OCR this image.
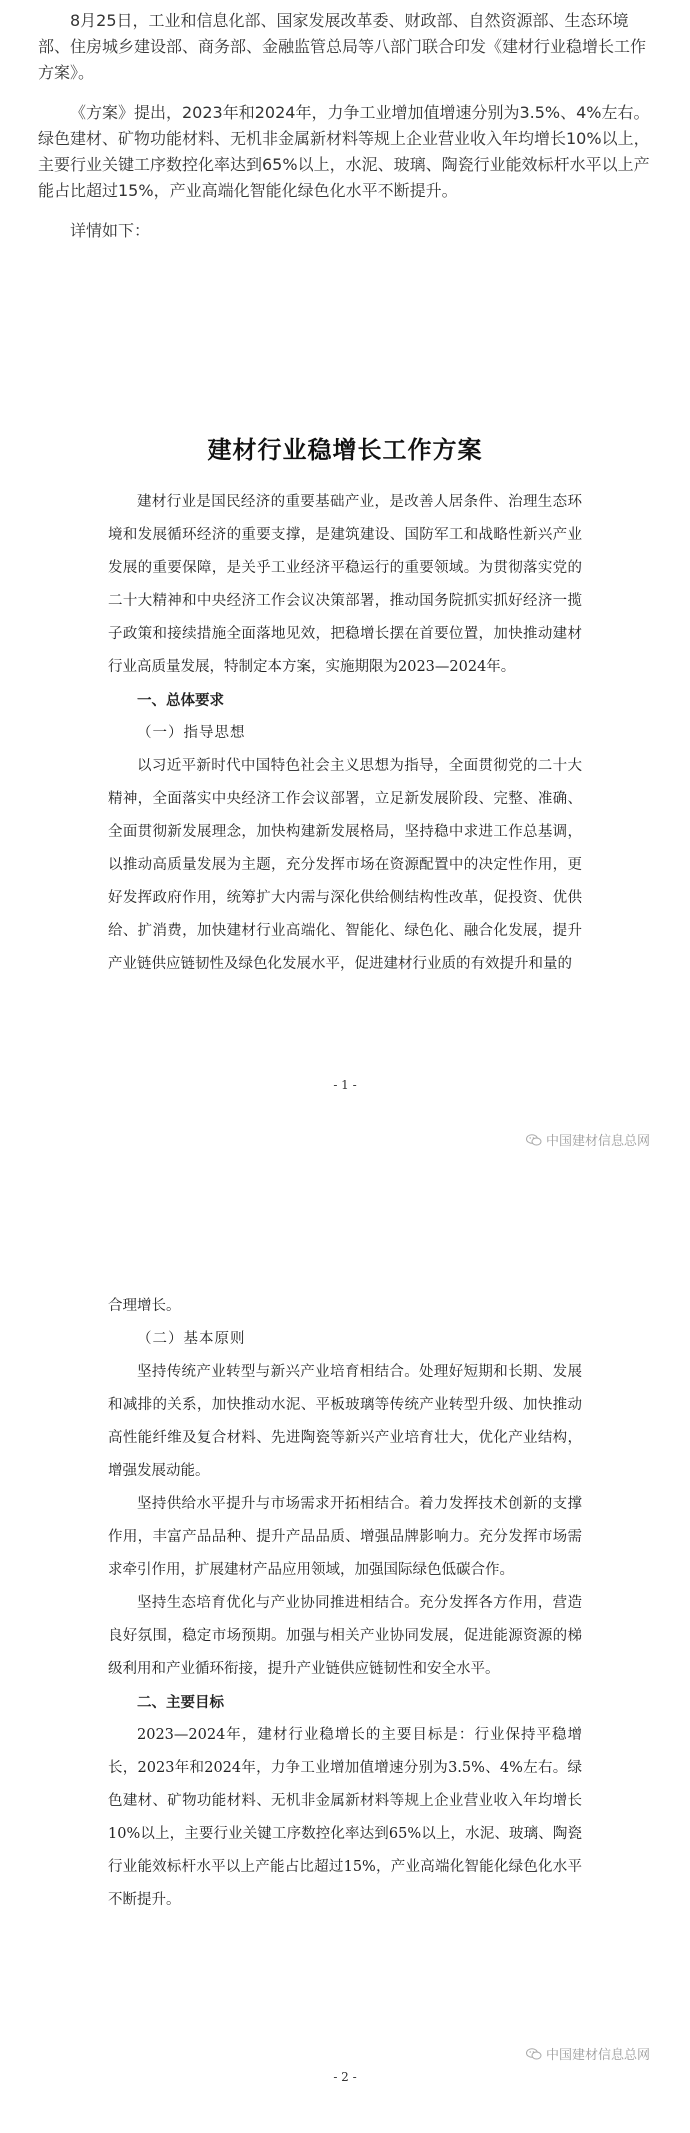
8月25日，工业和信息化部、国家发展改革委、财政部、自然资源部、生态环境部、住房城乡建设部、商务部、金融监管总局等八部门联合印发《建材行业稳增长工作方案》。

《方案》提出，2023年和2024年，力争工业增加值增速分别为3.5%、4%左右。绿色建材、矿物功能材料、无机非金属新材料等规上企业营业收入年均增长10%以上，主要行业关键工序数控化率达到65%以上，水泥、玻璃、陶瓷行业能效标杆水平以上产能占比超过15%，产业高端化智能化绿色化水平不断提升。

详情如下：

建材行业稳增长工作方案

建材行业是国民经济的重要基础产业，是改善人居条件、治理生态环境和发展循环经济的重要支撑，是建筑建设、国防军工和战略性新兴产业发展的重要保障，是关乎工业经济平稳运行的重要领域。为贯彻落实党的二十大精神和中央经济工作会议决策部署，推动国务院抓实抓好经济一揽子政策和接续措施全面落地见效，把稳增长摆在首要位置，加快推动建材行业高质量发展，特制定本方案，实施期限为2023—2024年。

一、总体要求
（一）指导思想

以习近平新时代中国特色社会主义思想为指导，全面贯彻党的二十大精神，全面落实中央经济工作会议部署，立足新发展阶段、完整、准确、全面贯彻新发展理念，加快构建新发展格局，坚持稳中求进工作总基调，以推动高质量发展为主题，充分发挥市场在资源配置中的决定性作用，更好发挥政府作用，统筹扩大内需与深化供给侧结构性改革，促投资、优供给、扩消费，加快建材行业高端化、智能化、绿色化、融合化发展，提升产业链供应链韧性及绿色化发展水平，促进建材行业质的有效提升和量的

- 1 -
中国建材信息总网

合理增长。

（二）基本原则

坚持传统产业转型与新兴产业培育相结合。处理好短期和长期、发展和减排的关系，加快推动水泥、平板玻璃等传统产业转型升级、加快推动高性能纤维及复合材料、先进陶瓷等新兴产业培育壮大，优化产业结构，增强发展动能。

坚持供给水平提升与市场需求开拓相结合。着力发挥技术创新的支撑作用，丰富产品品种、提升产品品质、增强品牌影响力。充分发挥市场需求牵引作用，扩展建材产品应用领域，加强国际绿色低碳合作。

坚持生态培育优化与产业协同推进相结合。充分发挥各方作用，营造良好氛围，稳定市场预期。加强与相关产业协同发展，促进能源资源的梯级利用和产业循环衔接，提升产业链供应链韧性和安全水平。

二、主要目标

2023—2024年，建材行业稳增长的主要目标是：行业保持平稳增长，2023年和2024年，力争工业增加值增速分别为3.5%、4%左右。绿色建材、矿物功能材料、无机非金属新材料等规上企业营业收入年均增长10%以上，主要行业关键工序数控化率达到65%以上，水泥、玻璃、陶瓷行业能效标杆水平以上产能占比超过15%，产业高端化智能化绿色化水平不断提升。

- 2 -
中国建材信息总网
